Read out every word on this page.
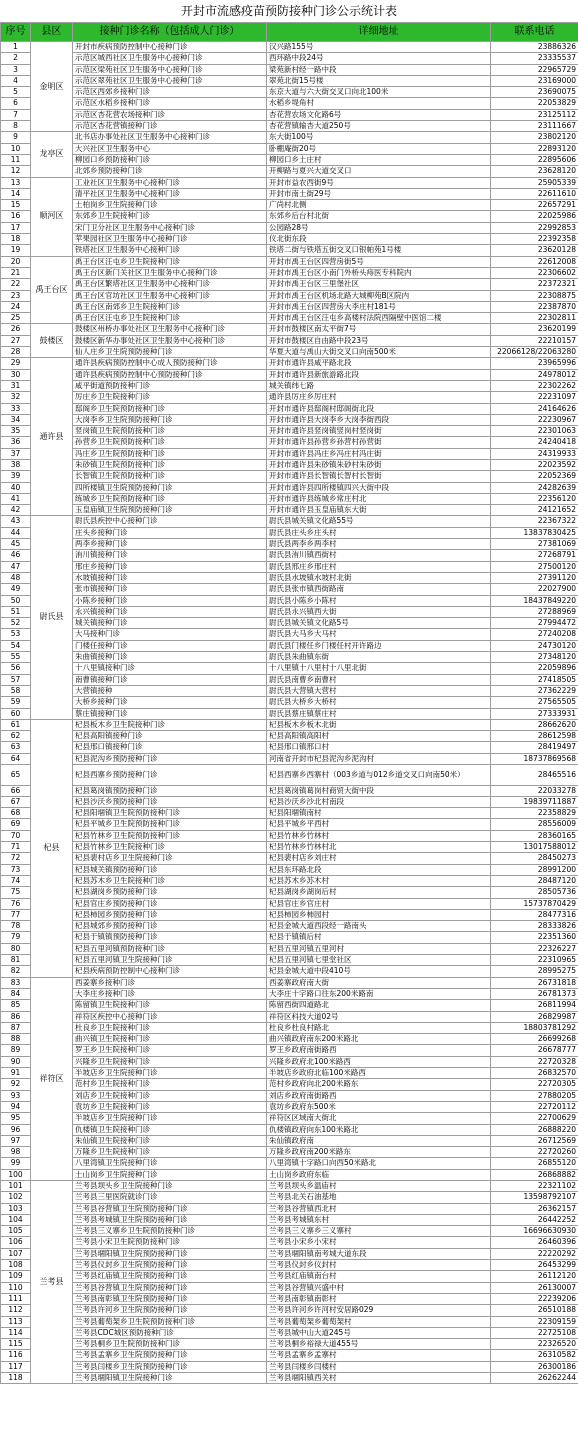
开封市流感疫苗预防接种门诊公示统计表
序号	县区	接种门诊名称（包括成人门诊）	详细地址	联系电话
1	金明区	开封市疾病预防控制中心接种门诊	汉兴路155号	23886326
2		示范区城西社区卫生服务中心接种门诊	西环路中段24号	23335537
3		示范区梁苑社区卫生服务中心接种门诊	梁苑新村经一路中段	22965729
4		示范区翠苑社区卫生服务中心接种门诊	翠苑北街15号楼	23169000
5		示范区西郊乡接种门诊	东京大道与六大街交叉口向北100米	23690075
6		示范区水稻乡接种门诊	水稻乡堤角村	22053829
7		示范区杏花营农场接种门诊	杏花营农场文化路6号	23125112
8		示范区杏花营镇接种门诊	杏花营镇输杏大道250号	23111667
9	龙亭区	北书店办事处社区卫生服务中心接种门诊	东大街100号	23802120
10		大兴社区卫生服务中心	卧棚庵街20号	22893120
11		柳园口乡预防接种门诊	柳园口乡土庄村	22895606
12		北郊乡预防接种门诊	开柳路与夏兴大道交叉口	23628120
13	顺河区	工业社区卫生服务中心接种门诊	开封市益农西街9号	25905339
14		清平社区卫生服务中心接种门诊	开封市南土街29号	22611610
15		土柏岗乡卫生院接种门诊	广尚村北侧	22657291
16		东郊乡卫生院接种门诊	东郊乡后台村北街	22025986
17		宋门卫分社区卫生服务中心接种门诊	公园路28号	22992853
18		苹果园社区卫生服务中心接种门诊	仪北街东段	22392358
19		铁塔社区卫生服务中心接种门诊	铁塔二街与铁塔五街交叉口银帕苑1号楼	23620128
20	禹王台区	禹王台区汪屯乡卫生院接种门诊	开封市禹王台区四营房街5号	22612008
21		禹王台区新门关社区卫生服务中心接种门诊	开封市禹王台区小南门外桥头痔医专科院内	22306602
22		禹王台区繁塔社区卫生服务中心接种门诊	开封市禹王台区三里堡社区	22372321
23		禹王台区官坊社区卫生服务中心接种门诊	开封市禹王台区机场北路大城柳苑B区院内	22308875
24		禹王台区南郊乡卫生院接种门诊	开封市禹王台区四营房大李庄村181号	22387870
25		禹王台区汪屯乡卫生院接种门诊	开封市禹王台区汪屯乡高楼村法院西隔壁中医馆二楼	22302811
26	鼓楼区	鼓楼区州桥办事处社区卫生服务中心接种门诊	开封市鼓楼区南太平街7号	23620199
27		鼓楼区新华办事处社区卫生服务中心接种门诊	开封市鼓楼区自由路中段23号	22210157
28		仙人庄乡卫生院预防接种门诊	华夏大道与禹山大街交叉口向南500米	22066128/22063280
29	通许县	通许县疾病预防控制中心成人预防接种门诊	开封市通许县咸平路北段	23965996
30		通许县疾病预防控制中心预防接种门诊	开封市通许县新旅游路北段	24978012
31		咸平街道预防接种门诊	城关镇纬七路	22302262
32		厉庄乡卫生院接种门诊	通许县厉庄乡厉庄村	22231097
33		邸阁乡卫生院预防接种门诊	开封市通许县邸阁村邸阁街北段	24164626
34		大岗李乡卫生院预防接种门诊	开封市通许县大岗李乡大岗李街西段	22230967
35		竖岗镇卫生院预防接种门诊	开封市通许县竖岗镇竖岗村竖岗街	22301063
36		孙营乡卫生院预防接种门诊	开封市通许县孙营乡孙营村孙营街	24240418
37		冯庄乡卫生院预防接种门诊	开封市通许县冯庄乡冯庄村冯庄街	24319933
38		朱砂镇卫生院预防接种门诊	开封市通许县朱砂镇朱砂村朱砂街	22023592
39		长智镇卫生院预防接种门诊	开封市通许县长智镇长智村长智街	22052369
40		四所楼镇卫生院预防接种门诊	开封市通许县四所楼镇四兴大街中段	24282639
41		练城乡卫生院预防接种门诊	开封市通许县练城乡常庄村北	22356120
42		玉皇庙镇卫生院预防接种门诊	开封市通许县玉皇庙镇东大街	24121652
43	尉氏县	尉氏县疾控中心接种门诊	尉氏县城关镇文化路55号	22367322
44		庄头乡接种门诊	尉氏县庄头乡庄头村	13837830425
45		两李乡接种门诊	尉氏县两李乡两李村	27381069
46		洧川镇接种门诊	尉氏县洧川镇西街村	27268791
47		邢庄乡接种门诊	尉氏县邢庄乡邢庄村	27500120
48		水坡镇接种门诊	尉氏县水坡镇水坡村北街	27391120
49		张市镇接种门诊	尉氏县张市镇西街路南	22027900
50		小陈乡接种门诊	尉氏县小陈乡小陈村	18437849220
51		永兴镇接种门诊	尉氏县永兴镇西大街	27288969
52		城关镇接种门诊	尉氏县城关镇文化路5号	27994472
53		大马接种门诊	尉氏县大马乡大马村	27240208
54		门楼任接种门诊	尉氏县门楼任乡门楼任村开许路边	24730120
55		朱曲镇接种门诊	尉氏县朱曲镇东街	27348120
56		十八里镇接种门诊	十八里镇十八里村十八里北街	22059896
57		南曹镇接种门诊	尉氏县南曹乡南曹村	27418505
58		大营镇接种	尉氏县大营镇大营村	27362229
59		大桥乡接种门诊	尉氏县大桥乡大桥村	27565505
60		蔡庄镇接种门诊	尉氏县蔡庄镇蔡庄村	27333931
61	杞县	杞县板木乡卫生院接种门诊	杞县板木乡板木北街	28662620
62		杞县高阳镇接种门诊	杞县高阳镇高阳村	28612598
63		杞县邢口镇接种门诊	杞县邢口镇邢口村	28419497
64		杞县泥沟乡预防接种门诊	河南省开封市杞县泥沟乡泥沟村	18737869568
65		杞县西寨乡预防接种门诊	杞县西寨乡西寨村（003乡道与012乡道交叉口向南50米）	28465516
66		杞县葛岗镇预防接种门诊	杞县葛岗镇葛岗村商贸大街中段	22033278
67		杞县沙沃乡预防接种门诊	杞县沙沃乡沙北村南段	19839711887
68		杞县阳堌镇卫生院预防接种门诊	杞县阳堌镇南村	22358829
69		杞县平城乡卫生院预防接种门诊	杞县平城乡平西村	28556009
70		杞县竹林乡卫生院预防接种门诊	杞县竹林乡竹林村	28360165
71		杞县竹林乡卫生院接种门诊	杞县竹林乡竹林村北	13017588012
72		杞县裴村店乡卫生院接种门诊	杞县裴村店乡刘庄村	28450273
73		杞县城关镇预防接种门诊	杞县东环路北段	28991200
74		杞县苏木乡卫生院接种门诊	杞县苏木乡苏木村	28487120
75		杞县湖岗乡预防接种门诊	杞县湖岗乡湖岗后村	28505736
76		杞县官庄乡预防接种门诊	杞县官庄乡官庄村	15737870429
77		杞县柿园乡预防接种门诊	杞县柿园乡柿园村	28477316
78		杞县城郊乡预防接种门诊	杞县金城大道西段经一路南头	28333826
79		杞县于镇镇预防接种门诊	杞县于镇镇后村	22351360
80		杞县五里河镇预防接种门诊	杞县五里河镇五里河村	22326227
81		杞县五里河镇卫生院接种门诊	杞县五里河镇七里堂社区	22310965
82		杞县疾病预防控制中心接种门诊	杞县金城大道中段410号	28995275
83	祥符区	西姜寨乡接种门诊	西姜寨政府南大街	26731818
84		大李庄乡接种门诊	大李庄十字路口往东200米路南	26781373
85		陈留镇卫生院接种门诊	陈留西街四道路北	26811994
86		祥符区疾控中心接种门诊	祥符区科技大道02号	26829987
87		杜良乡卫生院接种门诊	杜良乡杜良村路北	18803781292
88		曲兴镇卫生院接种门诊	曲兴镇政府南东200米路北	26699268
89		罗王乡卫生院接种门诊	罗王乡政府南街路西	26678777
90		兴隆乡卫生院接种门诊	兴隆乡政府北100米路西	22720328
91		半坡店乡卫生院接种门诊	半坡店乡政府北临100米路西	26832570
92		范村乡卫生院接种门诊	范村乡政府向北200米路东	22720305
93		刘店乡卫生院接种门诊	刘店乡政府南街路西	27880205
94		袁坊乡卫生院接种门诊	袁坊乡政府东500米	22720112
95		半坡店乡卫生院接种门诊	祥符区区域南大街北	22700629
96		仇楼镇卫生院接种门诊	仇楼镇政府向东100米路北	26888220
97		朱仙镇卫生院接种门诊	朱仙镇政府南	26712569
98		万隆乡卫生院接种门诊	万隆乡政府南200米路东	22720260
99		八里湾镇卫生院接种门诊	八里湾镇十字路口向西50米路北	26855120
100		土山岗乡卫生院接种门诊	土山岗乡政府东临	26868882
101	兰考县	兰考县坝头乡卫生院接种门诊	兰考县坝头乡温庙村	22321102
102		兰考县三里医院就诊门诊	兰考县北关石油基地	13598792107
103		兰考县谷营镇卫生院预防接种门诊	兰考县谷营镇西北村	26362157
104		兰考县考城镇卫生院预防接种门诊	兰考县考城镇东村	26442252
105		兰考县三义寨乡卫生院预防接种门诊	兰考县三义寨乡三义寨村	16696630930
106		兰考县小宋卫生院预防接种门诊	兰考县小宋乡小宋村	26460396
107		兰考县堌阳镇卫生院预防接种门诊	兰考县堌阳镇南考城大道东段	22220292
108		兰考县仪封乡卫生院预防接种门诊	兰考县仪封乡仪封村	26453299
109		兰考县红庙镇卫生院预防接种门诊	兰考县红庙镇南台村	26112120
110		兰考县谷营镇卫生院预防接种门诊	兰考县谷营镇兴盛中村	26130007
111		兰考县南彰镇卫生院预防接种门诊	兰考县南彰镇南彰村	22239206
112		兰考县许河乡卫生院预防接种门诊	兰考县许河乡许河村安居路029	26510188
113		兰考县葡萄架乡卫生院预防接种门诊	兰考县葡萄架乡葡萄架村	22309159
114		兰考县CDC城区预防接种门诊	兰考县城中山大道245号	22725108
115		兰考县桐乡卫生院预防接种门诊	兰考县桐乡裕禄大道455号	22326520
116		兰考县孟寨乡卫生院预防接种门诊	兰考县孟寨乡孟寨村	26310582
117		兰考县闫楼乡卫生院预防接种门诊	兰考县闫楼乡闫楼村	26300186
118		兰考县堌阳镇卫生院接种门诊	兰考县堌阳镇西关村	26262244
